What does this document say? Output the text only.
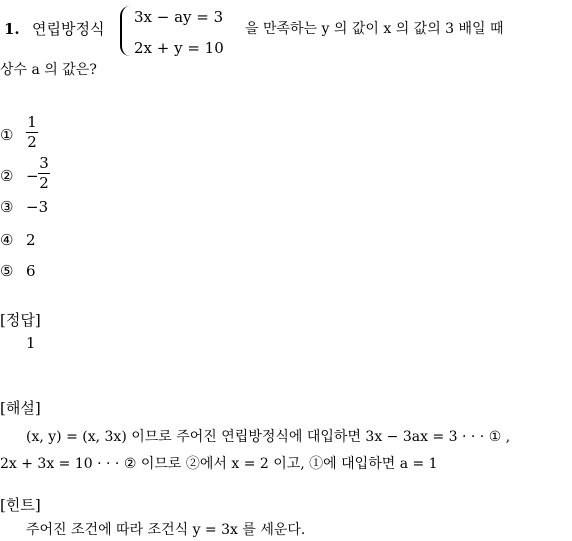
1. 연립방정식
3x − ay = 3
2x + y = 10
을 만족하는 y 의 값이 x 의 값의 3 배일 때
상수 a 의 값은?
①
1
2
② −
3
2
③ −3
④ 2
⑤ 6
[정답]
1
[해설]
(x, y) = (x, 3x) 이므로 주어진 연립방정식에 대입하면 3x − 3ax = 3 · · · ① ,
2x + 3x = 10 · · · ② 이므로 ②에서 x = 2 이고, ①에 대입하면 a = 1
[힌트]
주어진 조건에 따라 조건식 y = 3x 를 세운다.
